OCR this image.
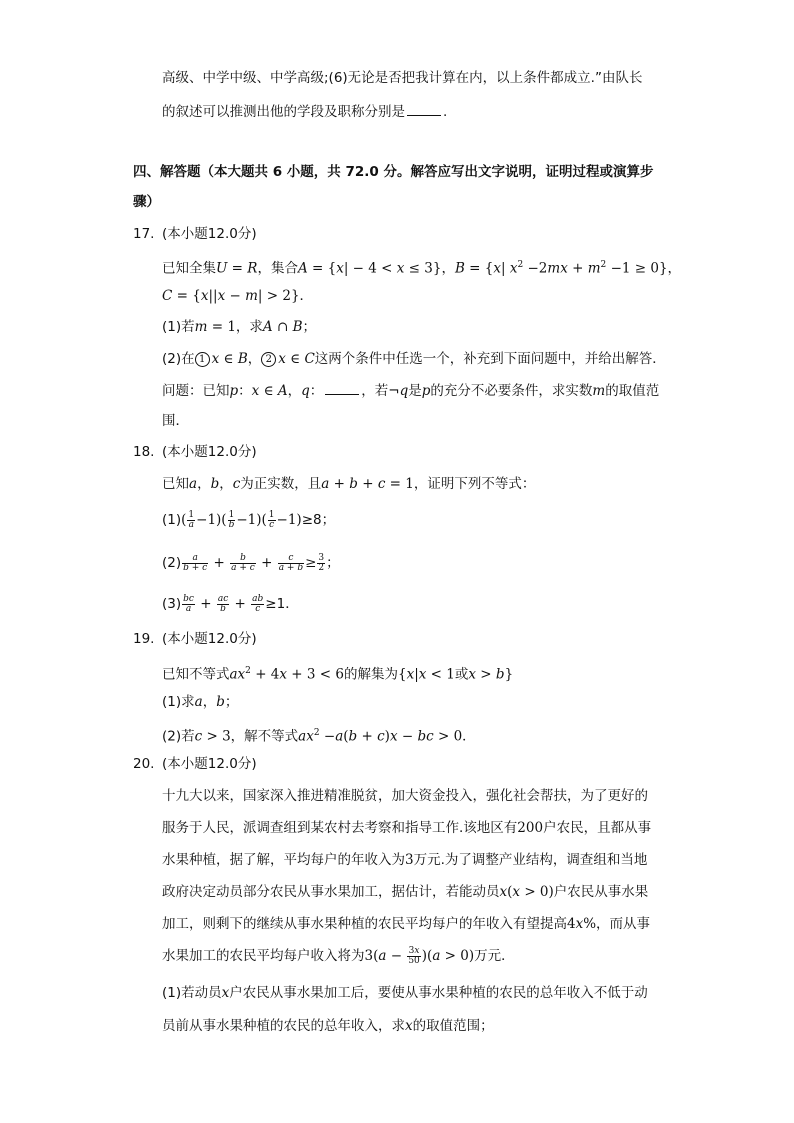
高级、中学中级、中学高级;(6)无论是否把我计算在内，以上条件都成立.”由队长
的叙述可以推测出他的学段及职称分别是	.
四、解答题（本大题共 6 小题，共 72.0 分。解答应写出文字说明，证明过程或演算步
骤）
17. (本小题12.0分)
已知全集U = R，集合A = {x| − 4 < x ≤ 3}，B = {x| $x^2 -2mx + m^2 -1 \ge 0$}，
C = {x||x − m| > 2}．
(1)若m = 1，求A ∩ B；
(2)在 1 x ∈ B， 2 x ∈ C这两个条件中任选一个，补充到下面问题中，并给出解答．
问题：已知p：x ∈ A，q：	，若¬q是p的充分不必要条件，求实数m的取值范
围．
18. (本小题12.0分)
已知a，b，c为正实数，且a + b + c = 1，证明下列不等式：
$(1)( \frac{1}{a} -1)( \frac{1}{b} -1)( \frac{1}{c} -1)\ge 8$；
$(2) \frac{a}{b + c} + \frac{b}{a + c} + \frac{c}{a + b} \ge \frac{3}{2}$ ；
$(3) \frac{bc}{a} + \frac{ac}{b} + \frac{ab}{c} \ge 1$．
19. (本小题12.0分)
已知不等式$ax^2 + 4x + 3 < 6$的解集为{x|x < 1或x > b}
(1)求a，b；
(2)若c > 3，解不等式$ax^2 -a(b + c)x$ − bc > 0．
20. (本小题12.0分)
十九大以来，国家深入推进精准脱贫，加大资金投入，强化社会帮扶，为了更好的
服务于人民，派调查组到某农村去考察和指导工作.该地区有200户农民，且都从事
水果种植，据了解，平均每户的年收入为3万元.为了调整产业结构，调查组和当地
政府决定动员部分农民从事水果加工，据估计，若能动员x(x > 0)户农民从事水果
加工，则剩下的继续从事水果种植的农民平均每户的年收入有望提高4x%，而从事
水果加工的农民平均每户收入将为$3(a - \frac{3x}{50} )(a > 0)$万元．
(1)若动员x户农民从事水果加工后，要使从事水果种植的农民的总年收入不低于动
员前从事水果种植的农民的总年收入，求x的取值范围；
